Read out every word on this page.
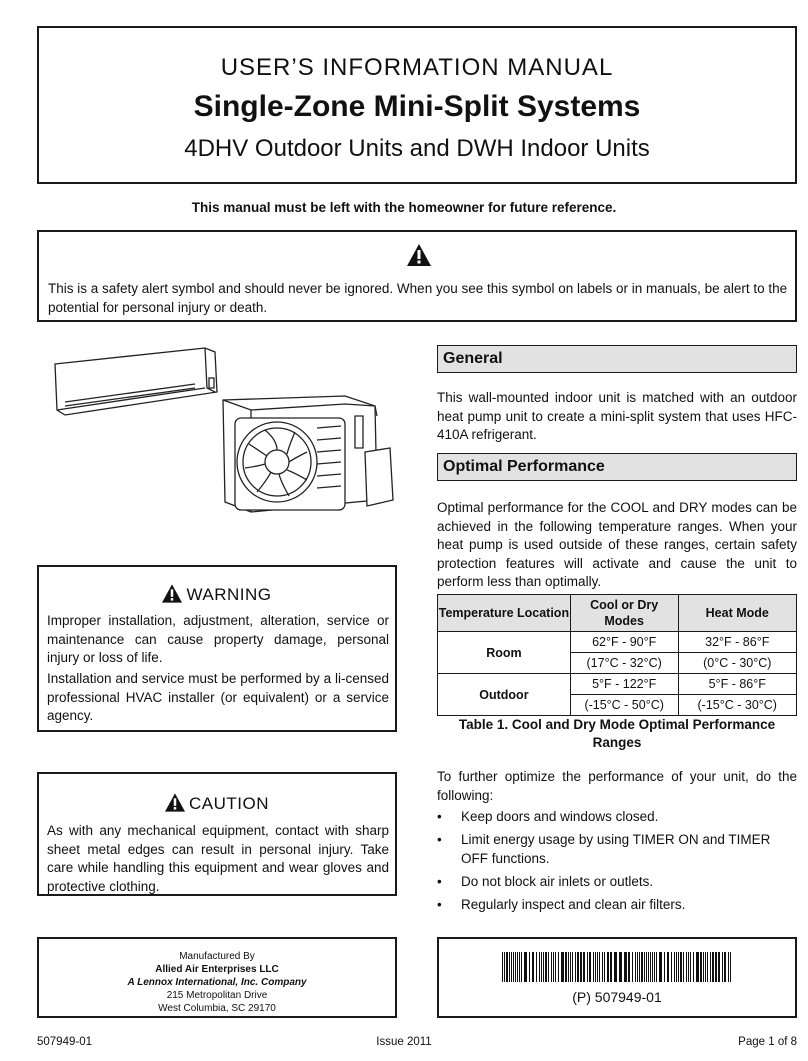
USER’S INFORMATION MANUAL
Single-Zone Mini-Split Systems
4DHV Outdoor Units and DWH Indoor Units
This manual must be left with the homeowner for future reference.
This is a safety alert symbol and should never be ignored. When you see this symbol on labels or in manuals, be alert to the potential for personal injury or death.
General
This wall-mounted indoor unit is matched with an outdoor heat pump unit to create a mini-split system that uses HFC-410A refrigerant.
Optimal Performance
Optimal performance for the COOL and DRY modes can be achieved in the following temperature ranges. When your heat pump is used outside of these ranges, certain safety protection features will activate and cause the unit to perform less than optimally.
Temperature Location	Cool or Dry Modes	Heat Mode
Room	62°F - 90°F	32°F - 86°F
	(17°C - 32°C)	(0°C - 30°C)
Outdoor	5°F - 122°F	5°F - 86°F
	(-15°C - 50°C)	(-15°C - 30°C)
Table 1. Cool and Dry Mode Optimal Performance Ranges
To further optimize the performance of your unit, do the following:
• Keep doors and windows closed.
• Limit energy usage by using TIMER ON and TIMER OFF functions.
• Do not block air inlets or outlets.
• Regularly inspect and clean air filters.
WARNING
Improper installation, adjustment, alteration, service or maintenance can cause property damage, personal injury or loss of life.
Installation and service must be performed by a li-censed professional HVAC installer (or equivalent) or a service agency.
CAUTION
As with any mechanical equipment, contact with sharp sheet metal edges can result in personal injury. Take care while handling this equipment and wear gloves and protective clothing.
Manufactured By
Allied Air Enterprises LLC
A Lennox International, Inc. Company
215 Metropolitan Drive
West Columbia, SC 29170
(P) 507949-01
507949-01	Issue 2011	Page 1 of 8
